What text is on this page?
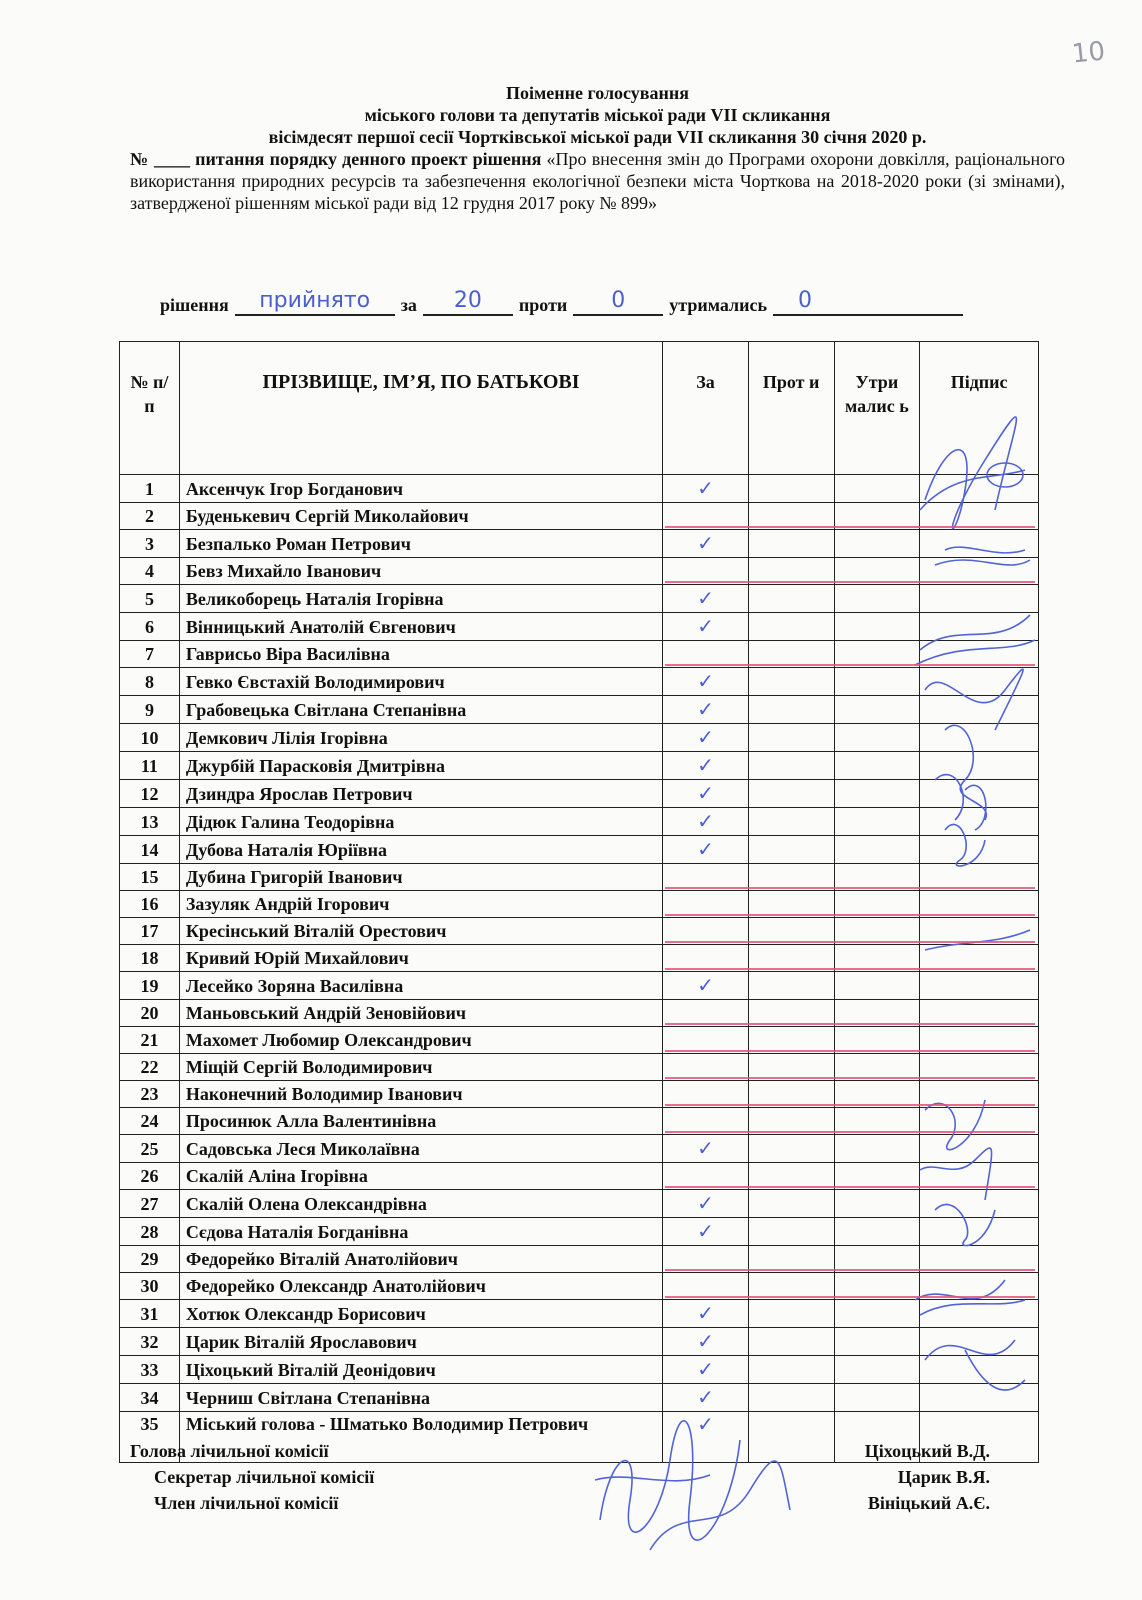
10
Поіменне голосування
міського голови та депутатів міської ради VII скликання
вісімдесят першої сесії Чортківської міської ради VII скликання 30 січня 2020 р.
№ ____ питання порядку денного проект рішення «Про внесення змін до Програми охорони довкілля, раціонального використання природних ресурсів та забезпечення екологічної безпеки міста Чорткова на 2018-2020 роки (зі змінами), затвердженої рішенням міської ради від 12 грудня 2017 року № 899»
рішення	прийнято	за	20	проти	0	утримались	0
№ п/п	ПРІЗВИЩЕ, ІМ’Я, ПО БАТЬКОВІ	За	Прот и	Утри малис ь	Підпис
1	Аксенчук Ігор Богданович	✓			
2	Буденькевич Сергій Миколайович				
3	Безпалько Роман Петрович	✓			
4	Бевз Михайло Іванович				
5	Великоборець Наталія Ігорівна	✓			
6	Вінницький Анатолій Євгенович	✓			
7	Гаврисьо Віра Василівна				
8	Гевко Євстахій Володимирович	✓			
9	Грабовецька Світлана Степанівна	✓			
10	Демкович Лілія Ігорівна	✓			
11	Джурбій Парасковія Дмитрівна	✓			
12	Дзиндра Ярослав Петрович	✓			
13	Дідюк Галина Теодорівна	✓			
14	Дубова Наталія Юріївна	✓			
15	Дубина Григорій Іванович				
16	Зазуляк Андрій Ігорович				
17	Кресінський Віталій Орестович				
18	Кривий Юрій Михайлович				
19	Лесейко Зоряна Василівна	✓			
20	Маньовський Андрій Зеновійович				
21	Махомет Любомир Олександрович				
22	Міщій Сергій Володимирович				
23	Наконечний Володимир Іванович				
24	Просинюк Алла Валентинівна				
25	Садовська Леся Миколаївна	✓			
26	Скалій Аліна Ігорівна				
27	Скалій Олена Олександрівна	✓			
28	Сєдова Наталія Богданівна	✓			
29	Федорейко Віталій Анатолійович				
30	Федорейко Олександр Анатолійович				
31	Хотюк Олександр Борисович	✓			
32	Царик Віталій Ярославович	✓			
33	Ціхоцький Віталій Деонідович	✓			
34	Черниш Світлана Степанівна	✓			
35	Міський голова - Шматько Володимир Петрович	✓			
Голова лічильної комісії	Ціхоцький В.Д.
Секретар лічильної комісії	Царик В.Я.
Член лічильної комісії	Вініцький А.Є.
